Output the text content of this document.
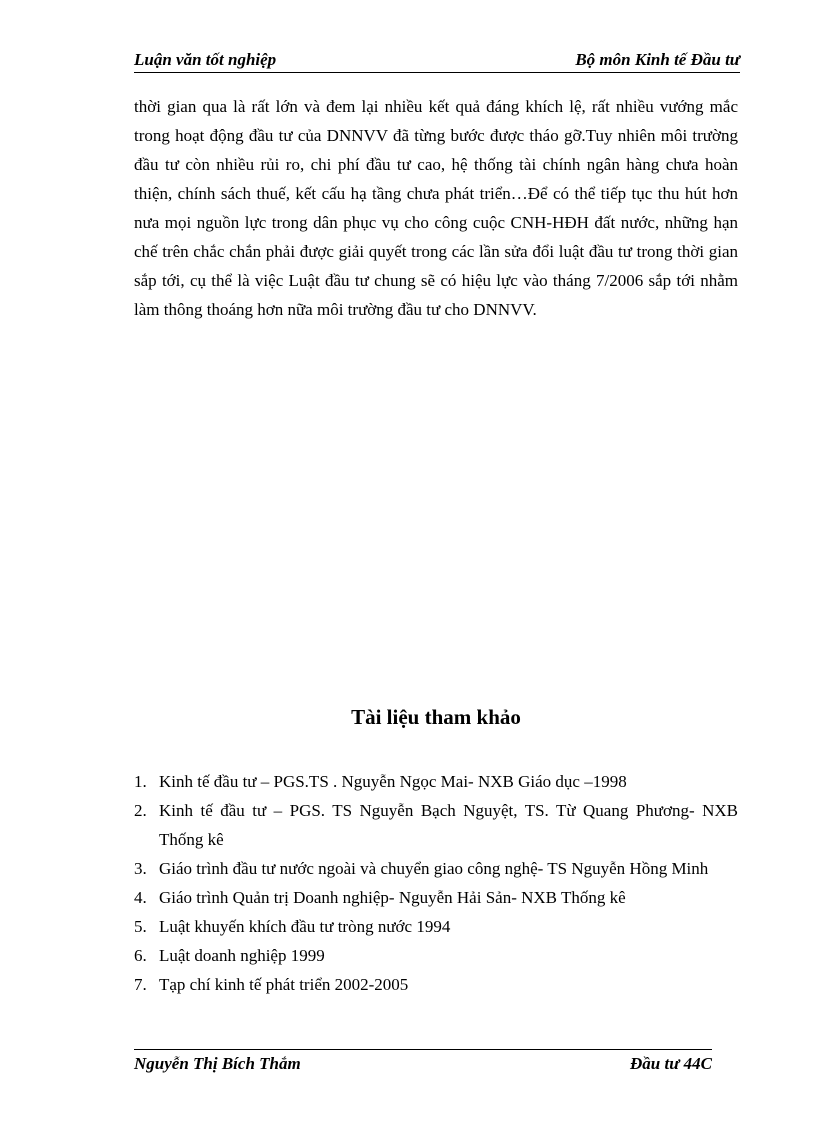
Luận văn tốt nghiệp	Bộ môn Kinh tế Đầu tư

thời gian qua là rất lớn và đem lại nhiều kết quả đáng khích lệ, rất nhiều vướng mắc trong hoạt động đầu tư của DNNVV đã từng bước được tháo gỡ.Tuy nhiên môi trường đầu tư còn nhiều rủi ro, chi phí đầu tư cao, hệ thống tài chính ngân hàng chưa hoàn thiện, chính sách thuế, kết cấu hạ tầng chưa phát triển…Để có thể tiếp tục thu hút hơn nưa mọi nguồn lực trong dân phục vụ cho công cuộc CNH-HĐH đất nước, những hạn chế trên chắc chắn phải được giải quyết trong các lần sửa đổi luật đầu tư trong thời gian sắp tới, cụ thể là việc Luật đầu tư chung sẽ có hiệu lực vào tháng 7/2006 sắp tới nhằm làm thông thoáng hơn nữa môi trường đầu tư cho DNNVV.

Tài liệu tham khảo
1. Kinh tế đầu tư – PGS.TS . Nguyễn Ngọc Mai- NXB Giáo dục –1998
2. Kinh tế đầu tư – PGS. TS Nguyễn Bạch Nguyệt, TS. Từ Quang Phương- NXB Thống kê
3. Giáo trình đầu tư nước ngoài và chuyển giao công nghệ- TS Nguyễn Hồng Minh
4. Giáo trình Quản trị Doanh nghiệp- Nguyễn Hải Sản- NXB Thống kê
5. Luật khuyến khích đầu tư tròng nước 1994
6. Luật doanh nghiệp 1999
7. Tạp chí kinh tế phát triển 2002-2005
Nguyễn Thị Bích Thắm	Đầu tư 44C
